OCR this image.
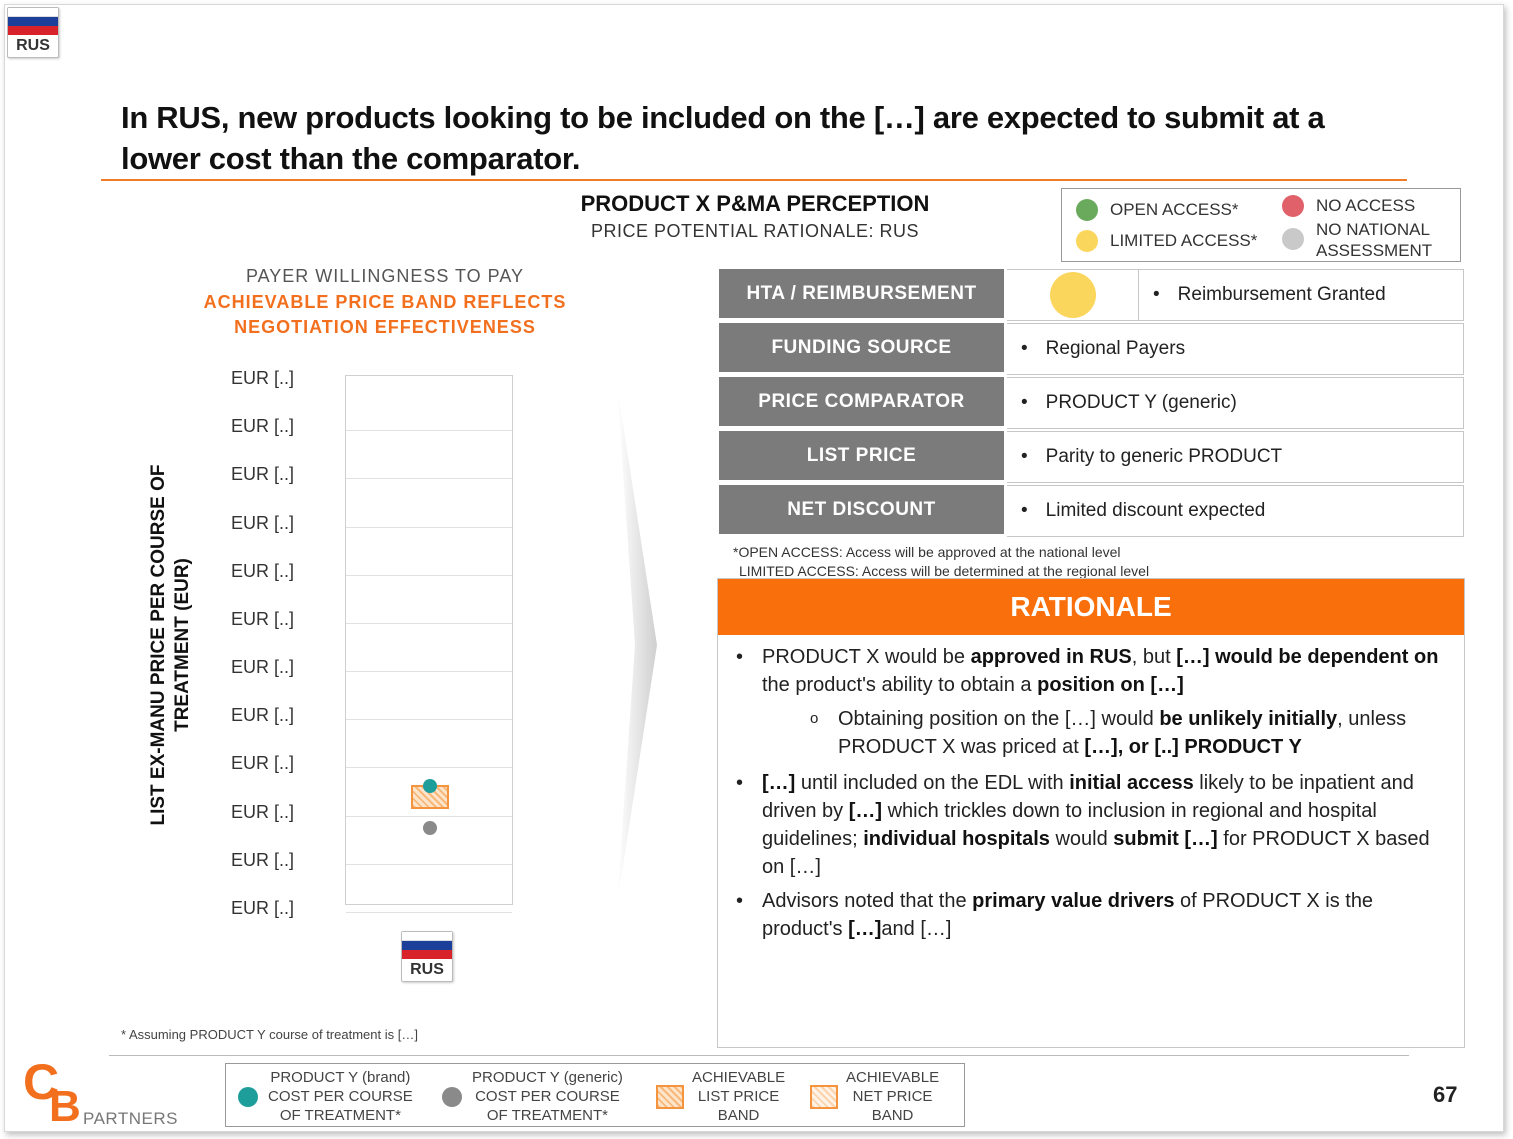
RUS
In RUS, new products looking to be included on the […] are expected to submit at a lower cost than the comparator.
PRODUCT X P&MA PERCEPTION
PRICE POTENTIAL RATIONALE: RUS
OPEN ACCESS*
LIMITED ACCESS*
NO ACCESS
NO NATIONAL
ASSESSMENT
PAYER WILLINGNESS TO PAY
ACHIEVABLE PRICE BAND REFLECTS
NEGOTIATION EFFECTIVENESS
LIST EX-MANU PRICE PER COURSE OF TREATMENT (EUR)
EUR [..]
EUR [..]
EUR [..]
EUR [..]
EUR [..]
EUR [..]
EUR [..]
EUR [..]
EUR [..]
EUR [..]
EUR [..]
EUR [..]
RUS
HTA / REIMBURSEMENT	• Reimbursement Granted
FUNDING SOURCE	• Regional Payers
PRICE COMPARATOR	• PRODUCT Y (generic)
LIST PRICE	• Parity to generic PRODUCT
NET DISCOUNT	• Limited discount expected
*OPEN ACCESS: Access will be approved at the national level
LIMITED ACCESS: Access will be determined at the regional level
RATIONALE
• PRODUCT X would be approved in RUS, but […] would be dependent on the product's ability to obtain a position on […]
o Obtaining position on the […] would be unlikely initially, unless PRODUCT X was priced at […], or [..] PRODUCT Y
• […] until included on the EDL with initial access likely to be inpatient and driven by […] which trickles down to inclusion in regional and hospital guidelines; individual hospitals would submit […] for PRODUCT X based on […]
• Advisors noted that the primary value drivers of PRODUCT X is the product's […]and […]
* Assuming PRODUCT Y course of treatment is […]
C
B PARTNERS
PRODUCT Y (brand)
COST PER COURSE
OF TREATMENT*
PRODUCT Y (generic)
COST PER COURSE
OF TREATMENT*
ACHIEVABLE
LIST PRICE
BAND
ACHIEVABLE
NET PRICE
BAND
67
